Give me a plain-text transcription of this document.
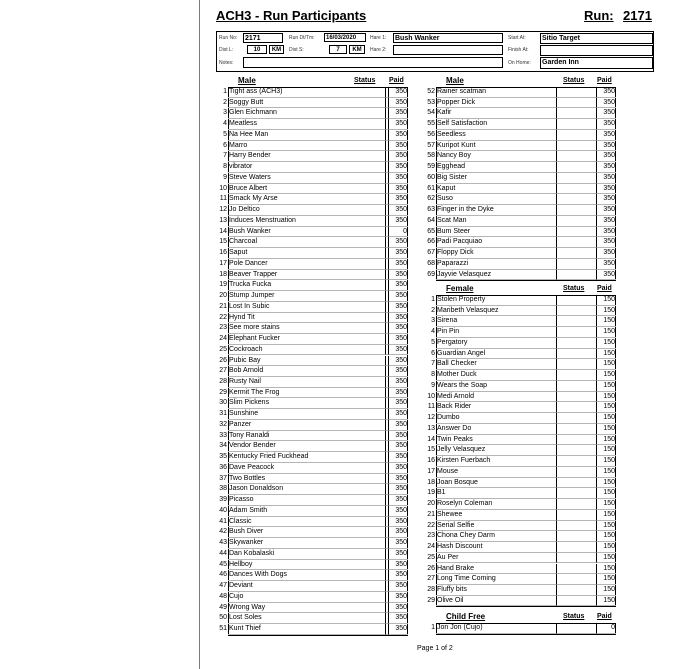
ACH3 - Run Participants	Run: 2171
Run No: 2171	Run Dt/Tm:	16/03/2020	Hare 1: Bush Wanker	Start At: Sitio Target
Dist L:	10	KM	Dist S:	7	KM	Hare 2:	Finish At:
Notes:	On Home: Garden Inn
Male	Status Paid	Male	Status Paid
Female	Status Paid
Child Free	Status Paid
1 Tight ass (ACH3)	350
2 Soggy Butt	350
3 Glen Eichmann	350
4 Meatless	350
5 Na Hee Man	350
6 Marro	350
7 Harry Bender	350
8 vibrator	350
9 Steve Waters	350
10 Bruce Albert	350
11 Smack My Arse	350
12 Jo Deltico	350
13 Induces Menstruation	350
14 Bush Wanker	0
15 Charcoal	350
16 Saput	350
17 Pole Dancer	350
18 Beaver Trapper	350
19 Trucka Fucka	350
20 Stump Jumper	350
21 Lost In Subic	350
22 Hynd Tit	350
23 See more stains	350
24 Elephant Fucker	350
25 Cockroach	350
26 Pubic Bay	350
27 Bob Arnold	350
28 Rusty Nail	350
29 Kermit The Frog	350
30 Slim Pickens	350
31 Sunshine	350
32 Panzer	350
33 Tony Ranaldi	350
34 Vendor Bender	350
35 Kentucky Fried Fuckhead	350
36 Dave Peacock	350
37 Two Bottles	350
38 Jason Donaldson	350
39 Picasso	350
40 Adam Smith	350
41 Classic	350
42 Bush Diver	350
43 Skywanker	350
44 Dan Kobalaski	350
45 Hellboy	350
46 Dances With Dogs	350
47 Deviant	350
48 Cujo	350
49 Wrong Way	350
50 Lost Soles	350
51 Kunt Thief	350
52 Rainer scatman	350
53 Popper Dick	350
54 Kafir	350
55 Self Satisfaction	350
56 Seedless	350
57 Kuripot Kunt	350
58 Nancy Boy	350
59 Egghead	350
60 Big Sister	350
61 Kaput	350
62 Suso	350
63 Finger in the Dyke	350
64 Scat Man	350
65 Bum Steer	350
66 Padi Pacquiao	350
67 Floppy Dick	350
68 Paparazzi	350
69 Jayvie Velasquez	350
1 Stolen Property	150
2 Maribeth Velasquez	150
3 Sirena	150
4 Pin Pin	150
5 Pergatory	150
6 Guardian Angel	150
7 Ball Checker	150
8 Mother Duck	150
9 Wears the Soap	150
10 Medi Arnold	150
11 Back Rider	150
12 Dumbo	150
13 Answer Do	150
14 Twin Peaks	150
15 Jelly Velasquez	150
16 Kirsten Fuerbach	150
17 Mouse	150
18 Joan Bosque	150
19 B1	150
20 Roselyn Coleman	150
21 Shewee	150
22 Serial Selfie	150
23 Chona Chey Darm	150
24 Hash Discount	150
25 Au Per	150
26 Hand Brake	150
27 Long Time Coming	150
28 Fluffy bits	150
29 Olive Oil	150
1 Jon Jon (Cujo)	0
Page 1 of 2
